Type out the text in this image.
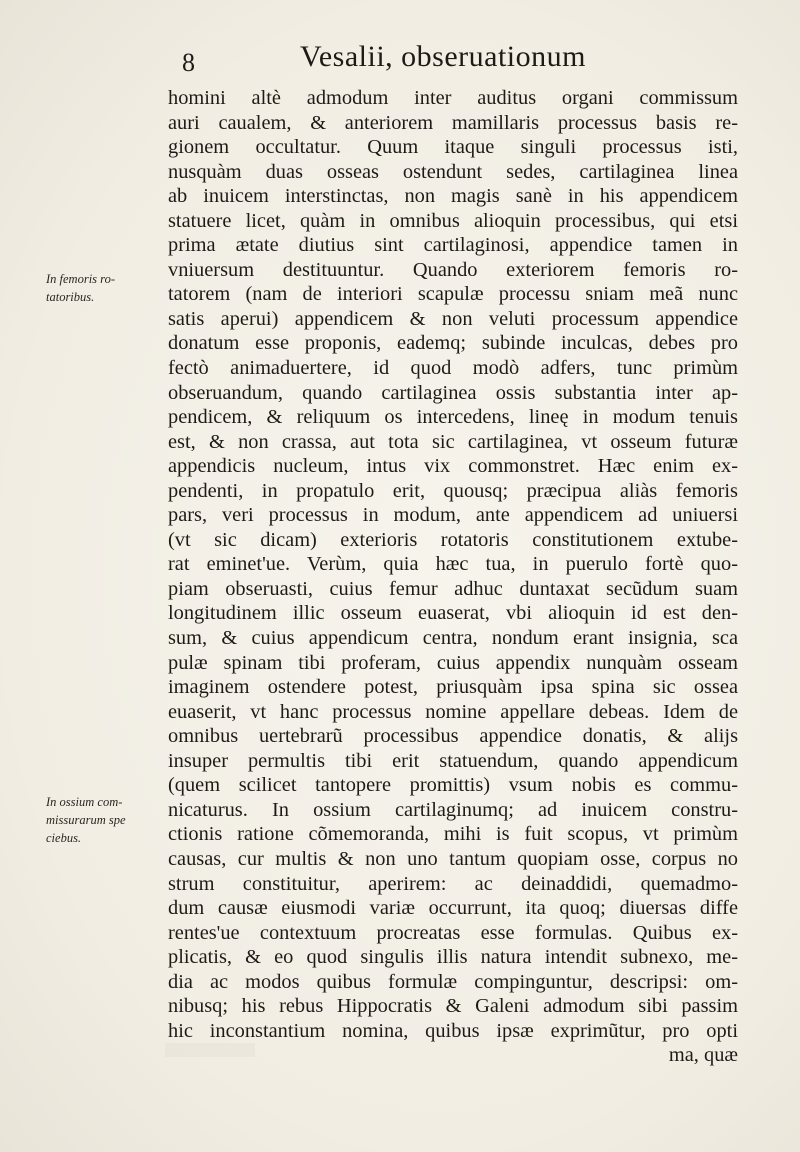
8	Vesalii, obseruationum
In femoris ro-
tatoribus.
In ossium com-
missurarum spe
ciebus.
homini altè admodum inter auditus organi commissum
auri caualem, & anteriorem mamillaris processus basis re-
gionem occultatur. Quum itaque singuli processus isti,
nusquàm duas osseas ostendunt sedes, cartilaginea linea
ab inuicem interstinctas, non magis sanè in his appendicem
statuere licet, quàm in omnibus alioquin processibus, qui etsi
prima ætate diutius sint cartilaginosi, appendice tamen in
vniuersum destituuntur. Quando exteriorem femoris ro-
tatorem (nam de interiori scapulæ processu sniam meã nunc
satis aperui) appendicem & non veluti processum appendice
donatum esse proponis, eademq; subinde inculcas, debes pro
fectò animaduertere, id quod modò adfers, tunc primùm
obseruandum, quando cartilaginea ossis substantia inter ap-
pendicem, & reliquum os intercedens, lineę in modum tenuis
est, & non crassa, aut tota sic cartilaginea, vt osseum futuræ
appendicis nucleum, intus vix commonstret. Hæc enim ex-
pendenti, in propatulo erit, quousq; præcipua aliàs femoris
pars, veri processus in modum, ante appendicem ad uniuersi
(vt sic dicam) exterioris rotatoris constitutionem extube-
rat eminet'ue. Verùm, quia hæc tua, in puerulo fortè quo-
piam obseruasti, cuius femur adhuc duntaxat secũdum suam
longitudinem illic osseum euaserat, vbi alioquin id est den-
sum, & cuius appendicum centra, nondum erant insignia, sca
pulæ spinam tibi proferam, cuius appendix nunquàm osseam
imaginem ostendere potest, priusquàm ipsa spina sic ossea
euaserit, vt hanc processus nomine appellare debeas. Idem de
omnibus uertebrarũ processibus appendice donatis, & alijs
insuper permultis tibi erit statuendum, quando appendicum
(quem scilicet tantopere promittis) vsum nobis es commu-
nicaturus. In ossium cartilaginumq; ad inuicem constru-
ctionis ratione cõmemoranda, mihi is fuit scopus, vt primùm
causas, cur multis & non uno tantum quopiam osse, corpus no
strum constituitur, aperirem: ac deinaddidi, quemadmo-
dum causæ eiusmodi variæ occurrunt, ita quoq; diuersas diffe
rentes'ue contextuum procreatas esse formulas. Quibus ex-
plicatis, & eo quod singulis illis natura intendit subnexo, me-
dia ac modos quibus formulæ compinguntur, descripsi: om-
nibusq; his rebus Hippocratis & Galeni admodum sibi passim
hic inconstantium nomina, quibus ipsæ exprimũtur, pro opti
ma, quæ
